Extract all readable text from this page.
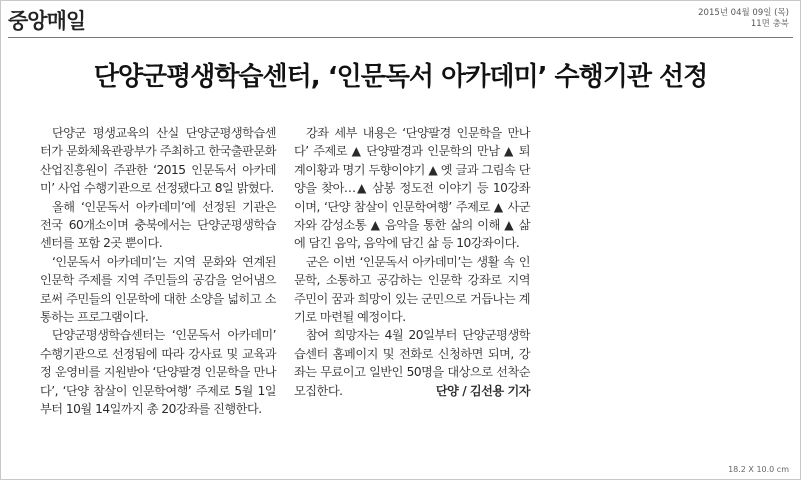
중앙매일	2015년 04월 09일 (목)
11면 충북
단양군평생학습센터, ‘인문독서 아카데미’ 수행기관 선정

단양군 평생교육의 산실 단양군평생학습센터가 문화체육관광부가 주최하고 한국출판문화산업진흥원이 주관한 ‘2015 인문독서 아카데미’ 사업 수행기관으로 선정됐다고 8일 밝혔다.

올해 ‘인문독서 아카데미’에 선정된 기관은 전국 60개소이며 충북에서는 단양군평생학습센터를 포함 2곳 뿐이다.

‘인문독서 아카데미’는 지역 문화와 연계된 인문학 주제를 지역 주민들의 공감을 얻어냄으로써 주민들의 인문학에 대한 소양을 넓히고 소통하는 프로그램이다.

단양군평생학습센터는 ‘인문독서 아카데미’ 수행기관으로 선정됨에 따라 강사료 및 교육과정 운영비를 지원받아 ‘단양팔경 인문학을 만나다’, ‘단양 참살이 인문학여행’ 주제로 5월 1일부터 10월 14일까지 총 20강좌를 진행한다.

강좌 세부 내용은 ‘단양팔경 인문학을 만나다’ 주제로 ▲ 단양팔경과 인문학의 만남 ▲ 퇴계이황과 명기 두향이야기 ▲ 옛 글과 그림속 단양을 찾아…▲ 삼봉 정도전 이야기 등 10강좌 이며, ‘단양 참살이 인문학여행’ 주제로 ▲ 사군자와 감성소통 ▲ 음악을 통한 삶의 이해 ▲ 삶에 담긴 음악, 음악에 담긴 삶 등 10강좌이다.

군은 이번 ‘인문독서 아카데미’는 생활 속 인문학, 소통하고 공감하는 인문학 강좌로 지역 주민이 꿈과 희망이 있는 군민으로 거듭나는 계기로 마련될 예정이다.

참여 희망자는 4월 20일부터 단양군평생학습센터 홈페이지 및 전화로 신청하면 되며, 강좌는 무료이고 일반인 50명을 대상으로 선착순 모집한다.	단양 / 김선용 기자

18.2 X 10.0 cm
